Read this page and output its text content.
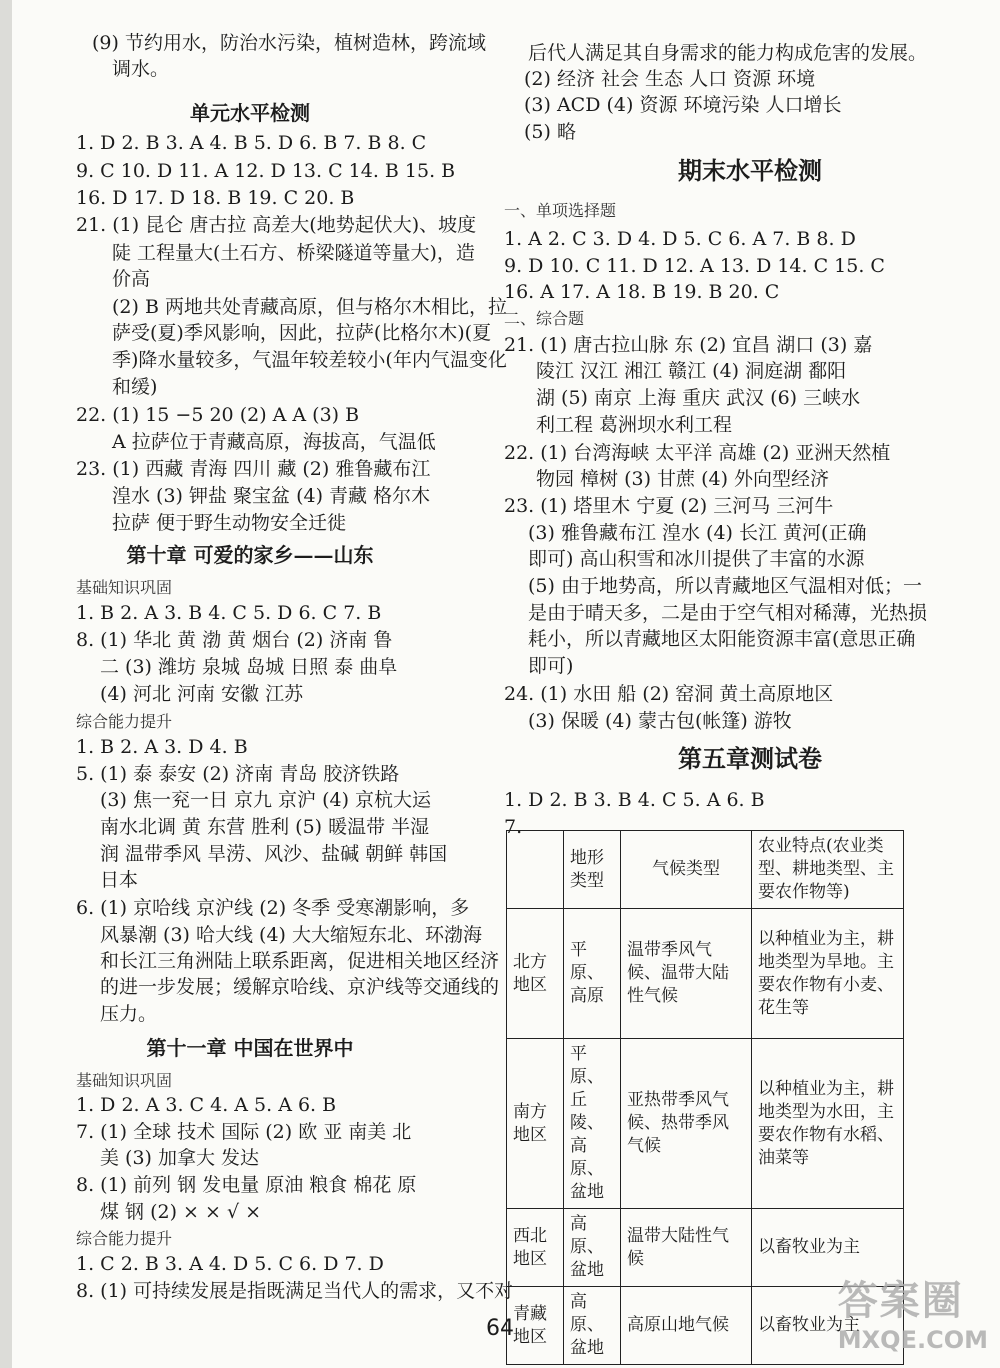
(9) 节约用水，防治水污染，植树造林，跨流域
调水。
单元水平检测
1. D 2. B 3. A 4. B 5. D 6. B 7. B 8. C
9. C 10. D 11. A 12. D 13. C 14. B 15. B
16. D 17. D 18. B 19. C 20. B
21. (1) 昆仑 唐古拉 高差大(地势起伏大)、坡度
陡 工程量大(土石方、桥梁隧道等量大)，造
价高
(2) B 两地共处青藏高原，但与格尔木相比，拉
萨受(夏)季风影响，因此，拉萨(比格尔木)(夏
季)降水量较多，气温年较差较小(年内气温变化
和缓)
22. (1) 15 −5 20 (2) A A (3) B
A 拉萨位于青藏高原，海拔高，气温低
23. (1) 西藏 青海 四川 藏 (2) 雅鲁藏布江
湟水 (3) 钾盐 聚宝盆 (4) 青藏 格尔木
拉萨 便于野生动物安全迁徙
第十章 可爱的家乡——山东
基础知识巩固
1. B 2. A 3. B 4. C 5. D 6. C 7. B
8. (1) 华北 黄 渤 黄 烟台 (2) 济南 鲁
二 (3) 潍坊 泉城 岛城 日照 泰 曲阜
(4) 河北 河南 安徽 江苏
综合能力提升
1. B 2. A 3. D 4. B
5. (1) 泰 泰安 (2) 济南 青岛 胶济铁路
(3) 焦一兖一日 京九 京沪 (4) 京杭大运
南水北调 黄 东营 胜利 (5) 暖温带 半湿
润 温带季风 旱涝、风沙、盐碱 朝鲜 韩国
日本
6. (1) 京哈线 京沪线 (2) 冬季 受寒潮影响，多
风暴潮 (3) 哈大线 (4) 大大缩短东北、环渤海
和长江三角洲陆上联系距离，促进相关地区经济
的进一步发展；缓解京哈线、京沪线等交通线的
压力。
第十一章 中国在世界中
基础知识巩固
1. D 2. A 3. C 4. A 5. A 6. B
7. (1) 全球 技术 国际 (2) 欧 亚 南美 北
美 (3) 加拿大 发达
8. (1) 前列 钢 发电量 原油 粮食 棉花 原
煤 钢 (2) × × √ ×
综合能力提升
1. C 2. B 3. A 4. D 5. C 6. D 7. D
8. (1) 可持续发展是指既满足当代人的需求，又不对
后代人满足其自身需求的能力构成危害的发展。
(2) 经济 社会 生态 人口 资源 环境
(3) ACD (4) 资源 环境污染 人口增长
(5) 略
期末水平检测
一、单项选择题
1. A 2. C 3. D 4. D 5. C 6. A 7. B 8. D
9. D 10. C 11. D 12. A 13. D 14. C 15. C
16. A 17. A 18. B 19. B 20. C
二、综合题
21. (1) 唐古拉山脉 东 (2) 宜昌 湖口 (3) 嘉
陵江 汉江 湘江 赣江 (4) 洞庭湖 鄱阳
湖 (5) 南京 上海 重庆 武汉 (6) 三峡水
利工程 葛洲坝水利工程
22. (1) 台湾海峡 太平洋 高雄 (2) 亚洲天然植
物园 樟树 (3) 甘蔗 (4) 外向型经济
23. (1) 塔里木 宁夏 (2) 三河马 三河牛
(3) 雅鲁藏布江 湟水 (4) 长江 黄河(正确
即可) 高山积雪和冰川提供了丰富的水源
(5) 由于地势高，所以青藏地区气温相对低；一
是由于晴天多，二是由于空气相对稀薄，光热损
耗小，所以青藏地区太阳能资源丰富(意思正确
即可)
24. (1) 水田 船 (2) 窑洞 黄土高原地区
(3) 保暖 (4) 蒙古包(帐篷) 游牧
第五章测试卷
1. D 2. B 3. B 4. C 5. A 6. B
7.
	地形类型	气候类型	农业特点(农业类型、耕地类型、主要农作物等)
北方地区	平原、高原	温带季风气候、温带大陆性气候	以种植业为主，耕地类型为旱地。主要农作物有小麦、花生等
南方地区	平原、丘陵、高原、盆地	亚热带季风气候、热带季风气候	以种植业为主，耕地类型为水田，主要农作物有水稻、油菜等
西北地区	高原、盆地	温带大陆性气候	以畜牧业为主
青藏地区	高原、盆地	高原山地气候	以畜牧业为主
64
答案圈
MXQE.COM
